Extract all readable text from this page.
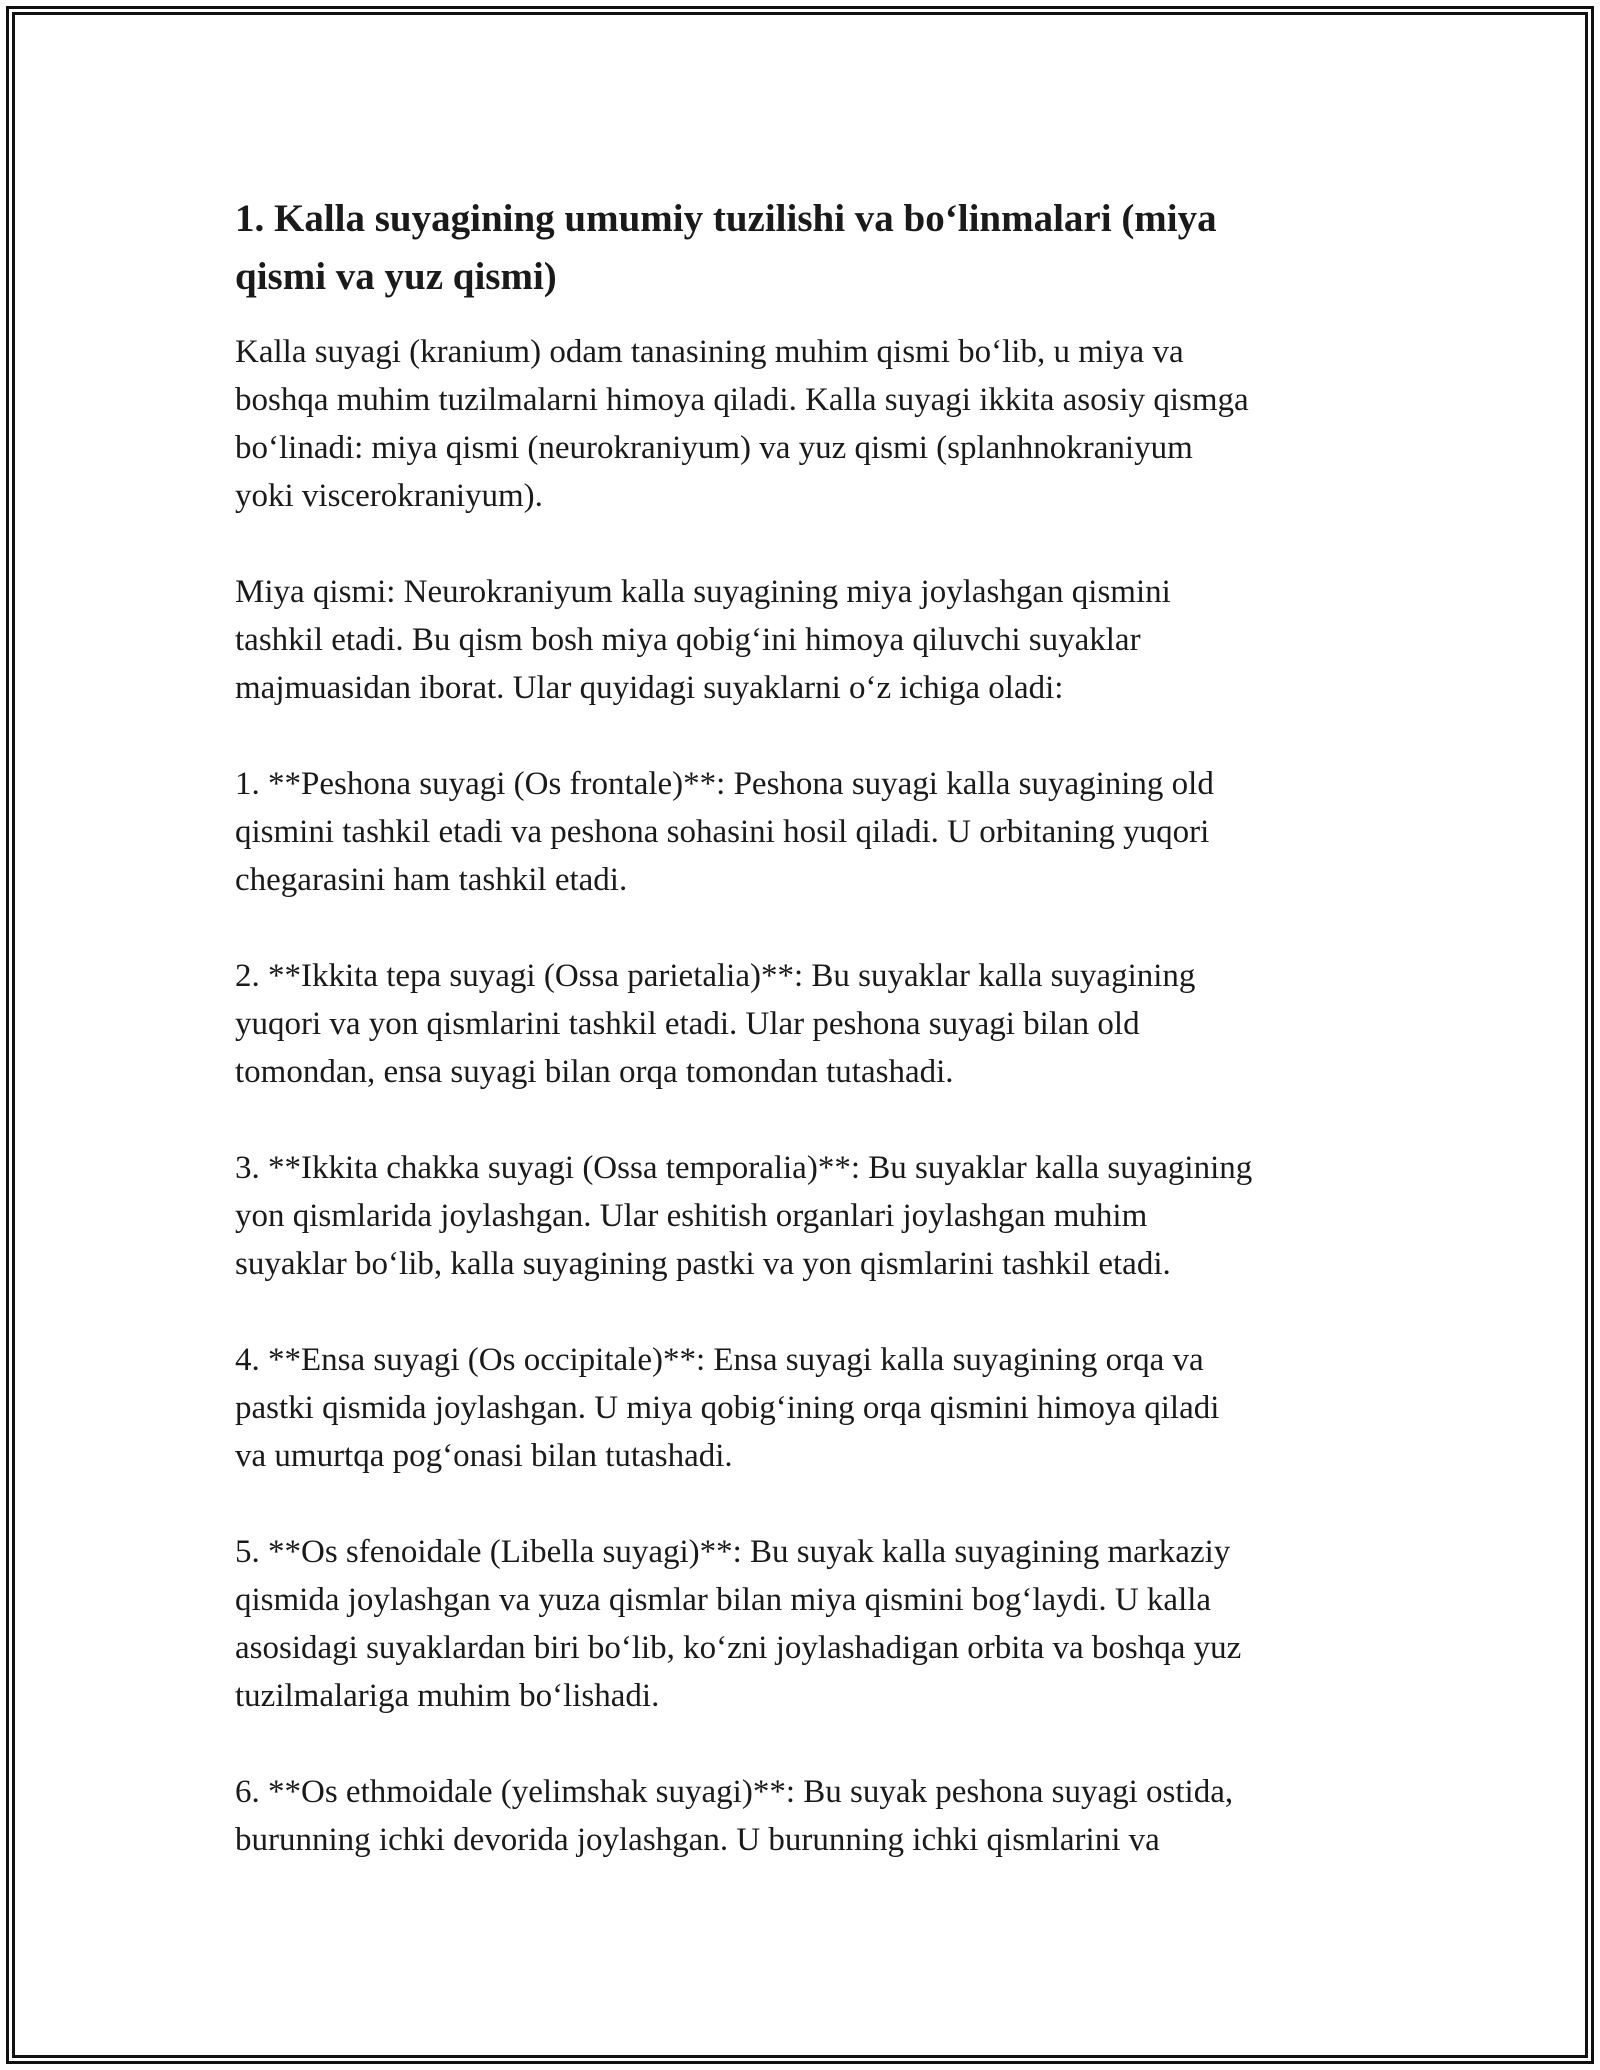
1. Kalla suyagining umumiy tuzilishi va boʻlinmalari (miya
qismi va yuz qismi)

Kalla suyagi (kranium) odam tanasining muhim qismi boʻlib, u miya va
boshqa muhim tuzilmalarni himoya qiladi. Kalla suyagi ikkita asosiy qismga
boʻlinadi: miya qismi (neurokraniyum) va yuz qismi (splanhnokraniyum
yoki viscerokraniyum).

Miya qismi: Neurokraniyum kalla suyagining miya joylashgan qismini
tashkil etadi. Bu qism bosh miya qobigʻini himoya qiluvchi suyaklar
majmuasidan iborat. Ular quyidagi suyaklarni oʻz ichiga oladi:

1. **Peshona suyagi (Os frontale)**: Peshona suyagi kalla suyagining old
qismini tashkil etadi va peshona sohasini hosil qiladi. U orbitaning yuqori
chegarasini ham tashkil etadi.

2. **Ikkita tepa suyagi (Ossa parietalia)**: Bu suyaklar kalla suyagining
yuqori va yon qismlarini tashkil etadi. Ular peshona suyagi bilan old
tomondan, ensa suyagi bilan orqa tomondan tutashadi.

3. **Ikkita chakka suyagi (Ossa temporalia)**: Bu suyaklar kalla suyagining
yon qismlarida joylashgan. Ular eshitish organlari joylashgan muhim
suyaklar boʻlib, kalla suyagining pastki va yon qismlarini tashkil etadi.

4. **Ensa suyagi (Os occipitale)**: Ensa suyagi kalla suyagining orqa va
pastki qismida joylashgan. U miya qobigʻining orqa qismini himoya qiladi
va umurtqa pogʻonasi bilan tutashadi.

5. **Os sfenoidale (Libella suyagi)**: Bu suyak kalla suyagining markaziy
qismida joylashgan va yuza qismlar bilan miya qismini bogʻlaydi. U kalla
asosidagi suyaklardan biri boʻlib, koʻzni joylashadigan orbita va boshqa yuz
tuzilmalariga muhim boʻlishadi.

6. **Os ethmoidale (yelimshak suyagi)**: Bu suyak peshona suyagi ostida,
burunning ichki devorida joylashgan. U burunning ichki qismlarini va
